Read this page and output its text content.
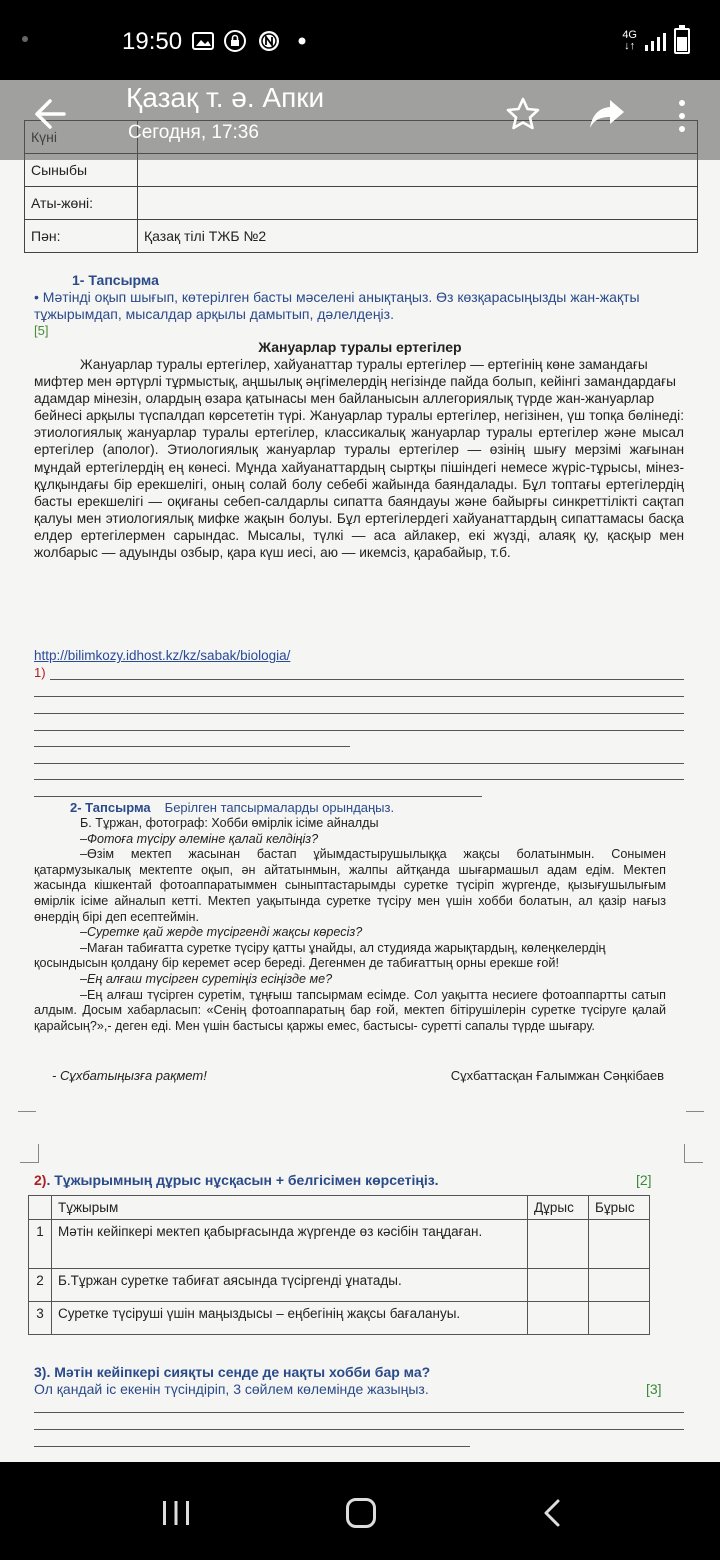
19:50	4G
↓↑
Қазақ т. ә. Апки
Сегодня, 17:36

Сыныбы	
Аты-жөні:	
Пән:	Қазақ тілі ТЖБ №2
1- Тапсырма
• Мәтінді оқып шығып, көтерілген басты мәселені анықтаңыз. Өз көзқарасыңызды жан-жақты тұжырымдап, мысалдар арқылы дамытып, дәлелдеңіз.
[5]
Жануарлар туралы ертегілер
Жануарлар туралы ертегілер, хайуанаттар туралы ертегілер — ертегінің көне замандағы
мифтер мен әртүрлі тұрмыстық, аңшылық әңгімелердің негізінде пайда болып, кейінгі замандардағы
адамдар мінезін, олардың өзара қатынасы мен байланысын аллегориялық түрде жан-жануарлар
бейнесі арқылы түспалдап көрсететін түрі. Жануарлар туралы ертегілер, негізінен, үш топқа бөлінеді: этиологиялық жануарлар туралы ертегілер, классикалық жануарлар туралы ертегілер және мысал ертегілер (аполог). Этиологиялық жануарлар туралы ертегілер — өзінің шығу мерзімі жағынан мұндай ертегілердің ең көнесі. Мұнда хайуанаттардың сыртқы пішіндегі немесе жүріс-тұрысы, мінез-құлқындағы бір ерекшелігі, оның солай болу себебі жайында баяндалады. Бұл топтағы ертегілердің басты ерекшелігі — оқиғаны себеп-салдарлы сипатта баяндауы және байырғы синкреттілікті сақтап қалуы мен этиологиялық мифке жақын болуы. Бұл ертегілердегі хайуанаттардың сипаттамасы басқа елдер ертегілермен сарындас. Мысалы, түлкі — аса айлакер, екі жүзді, алаяқ қу, қасқыр мен жолбарыс — адуынды озбыр, қара күш иесі, аю — икемсіз, қарабайыр, т.б.
http://bilimkozy.idhost.kz/kz/sabak/biologia/
1)
2- Тапсырма Берілген тапсырмаларды орындаңыз.
Б. Тұржан, фотограф: Хобби өмірлік ісіме айналды
–Фотоға түсіру әлеміне қалай келдіңіз?
–Өзім мектеп жасынан бастап ұйымдастырушылыққа жақсы болатынмын. Сонымен қатармузыкалық мектепте оқып, ән айтатынмын, жалпы айтқанда шығармашыл адам едім. Мектеп жасында кішкентай фотоаппаратыммен сыныптастарымды суретке түсіріп жүргенде, қызығушылығым өмірлік ісіме айналып кетті. Мектеп уақытында суретке түсіру мен үшін хобби болатын, ал қазір нағыз өнердің бірі деп есептеймін.
–Суретке қай жерде түсіргенді жақсы көресіз?
–Маған табиғатта суретке түсіру қатты ұнайды, ал студияда жарықтардың, көлеңкелердің
қосындысын қолдану бір керемет әсер береді. Дегенмен де табиғаттың орны ерекше ғой!
–Ең алғаш түсірген суретіңіз есіңізде ме?
–Ең алғаш түсірген суретім, тұңғыш тапсырмам есімде. Сол уақытта несиеге фотоаппартты сатып алдым. Досым хабарласып: «Сенің фотоаппаратың бар ғой, мектеп бітірушілерін суретке түсіруге қалай қарайсың?»,- деген еді. Мен үшін бастысы қаржы емес, бастысы- суретті сапалы түрде шығару.
- Сұхбатыңызға рақмет!	Сұхбаттасқан Ғалымжан Сәңкібаев
2). Тұжырымның дұрыс нұсқасын + белгісімен көрсетіңіз.	[2]
	Тұжырым	Дұрыс	Бұрыс
1	Мәтін кейіпкері мектеп қабырғасында жүргенде өз кәсібін таңдаған.		
2	Б.Тұржан суретке табиғат аясында түсіргенді ұнатады.		
3	Суретке түсіруші үшін маңыздысы – еңбегінің жақсы бағалануы.		
3). Мәтін кейіпкері сияқты сенде де нақты хобби бар ма?
Ол қандай іс екенін түсіндіріп, 3 сөйлем көлемінде жазыңыз.	[3]
